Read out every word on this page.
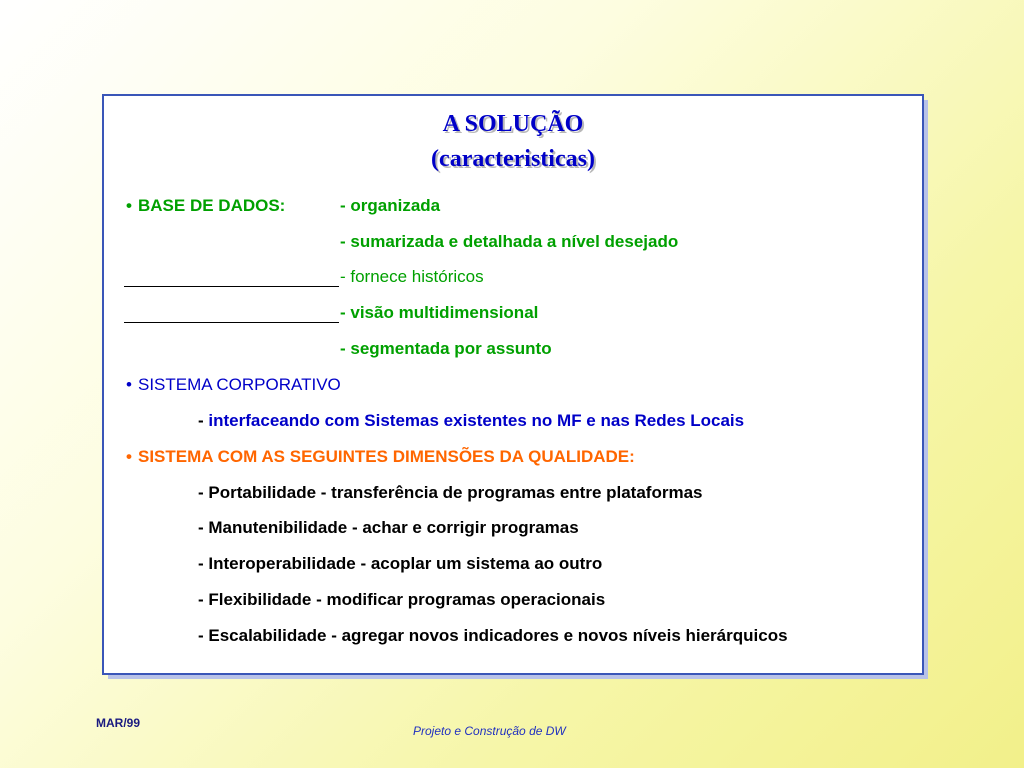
A SOLUÇÃO
(caracteristicas)
• BASE DE DADOS:	- organizada
- sumarizada e detalhada a nível desejado
- fornece históricos
- visão multidimensional
- segmentada por assunto
• SISTEMA CORPORATIVO
- interfaceando com Sistemas existentes no MF e nas Redes Locais
• SISTEMA COM AS SEGUINTES DIMENSÕES DA QUALIDADE:
- Portabilidade - transferência de programas entre plataformas
- Manutenibilidade - achar e corrigir programas
- Interoperabilidade - acoplar um sistema ao outro
- Flexibilidade - modificar programas operacionais
- Escalabilidade - agregar novos indicadores e novos níveis hierárquicos
MAR/99
Projeto e Construção de DW
